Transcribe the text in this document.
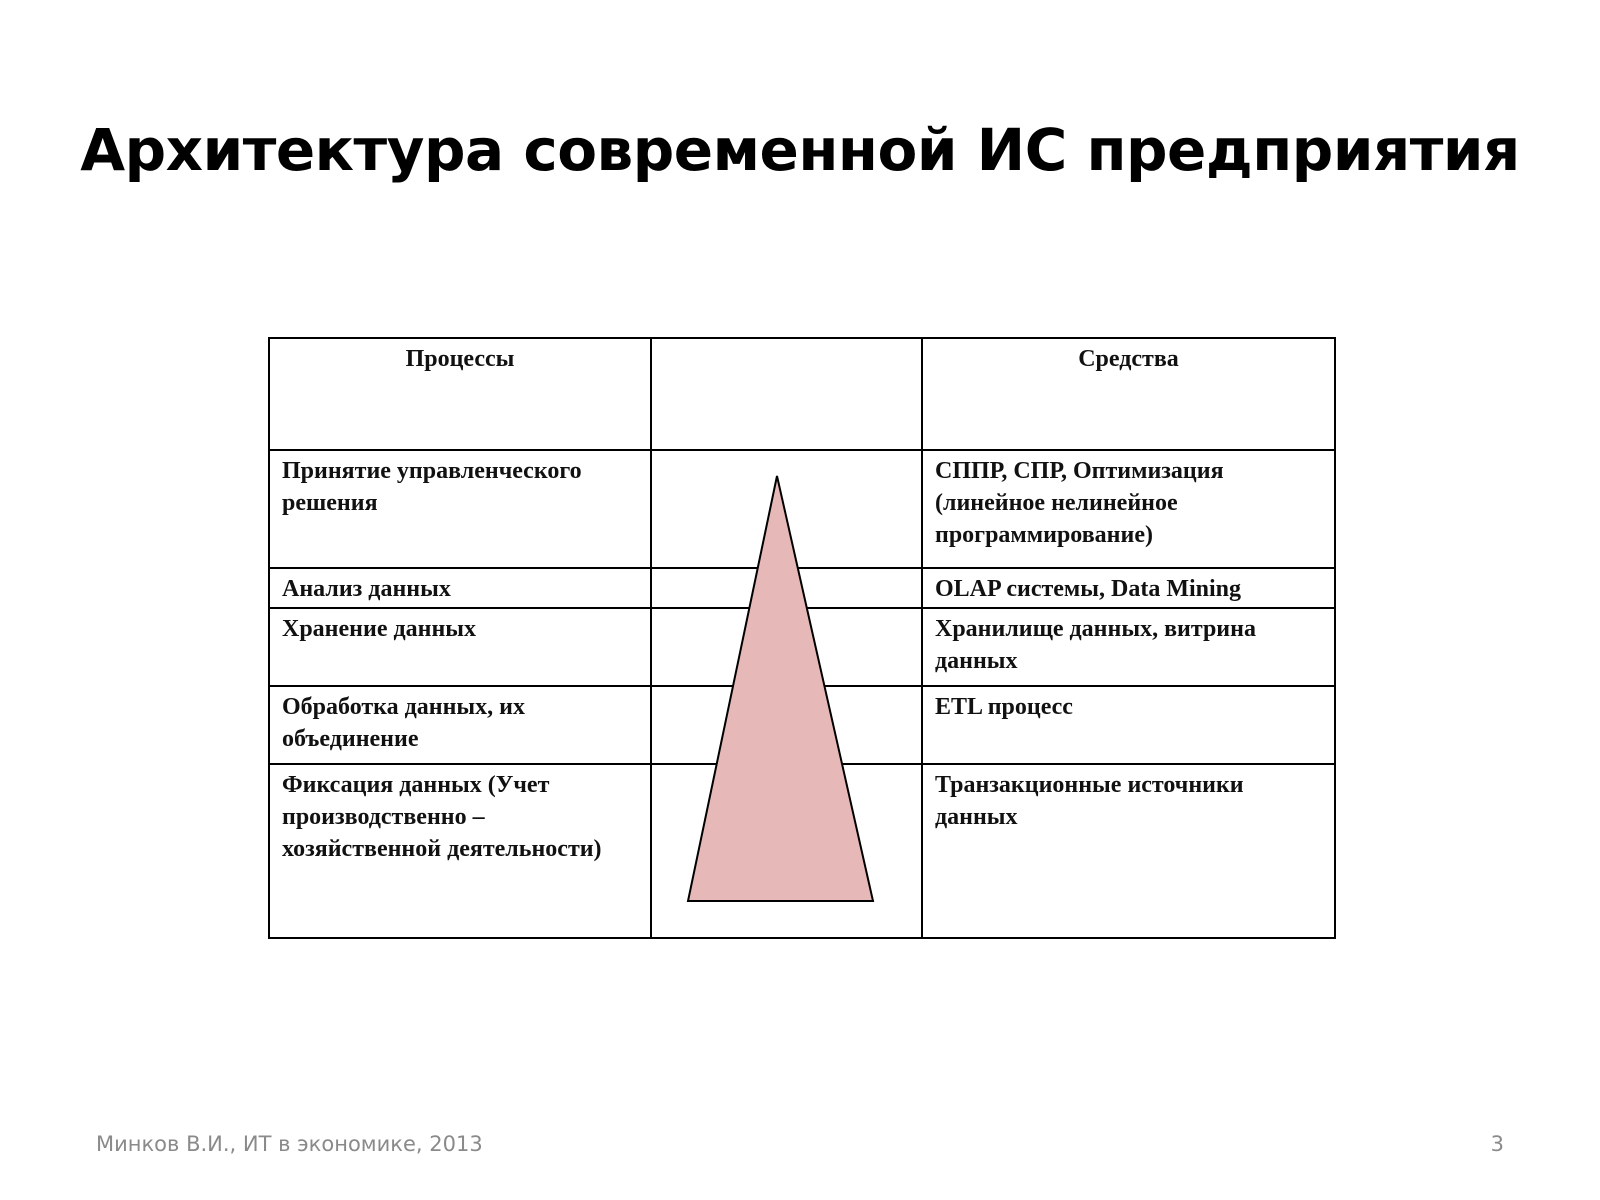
Архитектура современной ИС предприятия
Процессы		Средства
Принятие управленческого решения		СППР, СПР, Оптимизация (линейное нелинейное программирование)
Анализ данных		OLAP системы, Data Mining
Хранение данных		Хранилище данных, витрина данных
Обработка данных, их объединение		ETL процесс
Фиксация данных (Учет производственно – хозяйственной деятельности)		Транзакционные источники данных
Минков В.И., ИТ в экономике, 2013	3
